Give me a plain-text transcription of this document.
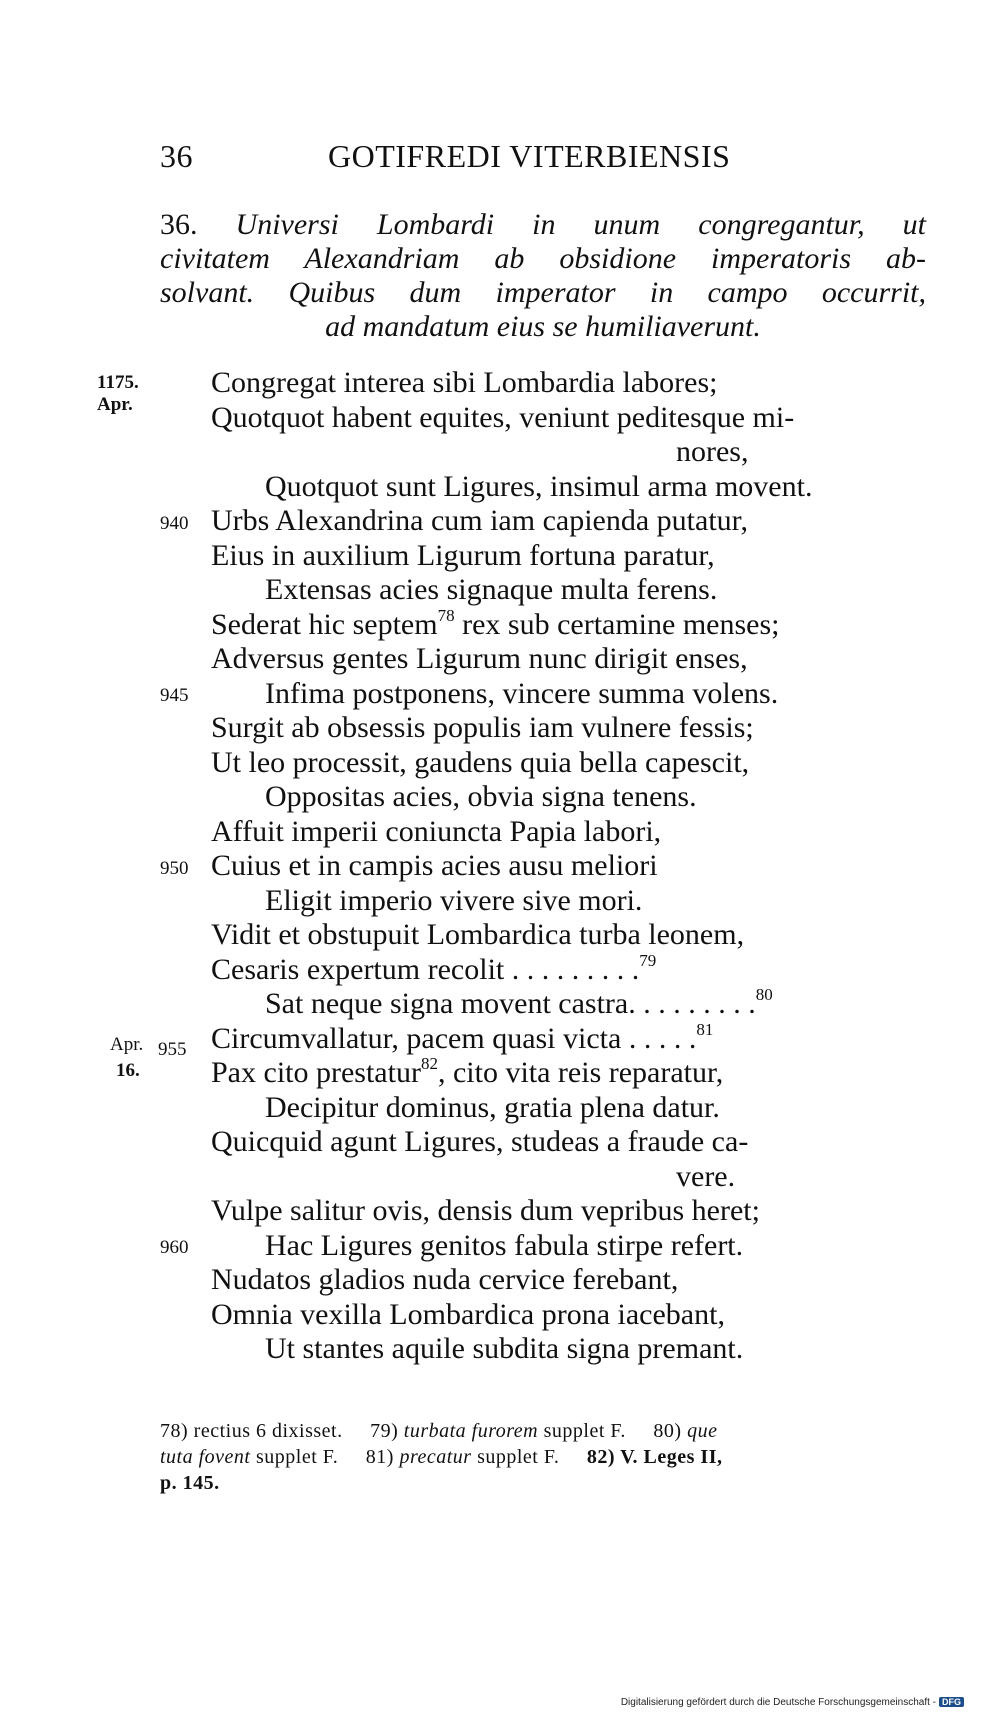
36	GOTIFREDI VITERBIENSIS

36. Universi Lombardi in unum congregantur, ut

civitatem Alexandriam ab obsidione imperatoris ab-

solvant. Quibus dum imperator in campo occurrit,

ad mandatum eius se humiliaverunt.

1175.
Apr.
Apr.
16.
Congregat interea sibi Lombardia labores;
Quotquot habent equites, veniunt peditesque mi-
nores,
Quotquot sunt Ligures, insimul arma movent.
940 Urbs Alexandrina cum iam capienda putatur,
Eius in auxilium Ligurum fortuna paratur,
Extensas acies signaque multa ferens.
Sederat hic septem$^{78}$ rex sub certamine menses;
Adversus gentes Ligurum nunc dirigit enses,
945	Infima postponens, vincere summa volens.
Surgit ab obsessis populis iam vulnere fessis;
Ut leo processit, gaudens quia bella capescit,
Oppositas acies, obvia signa tenens.
Affuit imperii coniuncta Papia labori,
950 Cuius et in campis acies ausu meliori
Eligit imperio vivere sive mori.
Vidit et obstupuit Lombardica turba leonem,
Cesaris expertum recolit . . . . . . . . .$^{79}$
Sat neque signa movent castra. . . . . . . . .$^{80}$
955 Circumvallatur, pacem quasi victa . . . . .$^{81}$
Pax cito prestatur$^{82}$, cito vita reis reparatur,
Decipitur dominus, gratia plena datur.
Quicquid agunt Ligures, studeas a fraude ca-
vere.
Vulpe salitur ovis, densis dum vepribus heret;
960	Hac Ligures genitos fabula stirpe refert.
Nudatos gladios nuda cervice ferebant,
Omnia vexilla Lombardica prona iacebant,
Ut stantes aquile subdita signa premant.

78) rectius 6 dixisset. 79) turbata furorem supplet F. 80) que

tuta fovent supplet F. 81) precatur supplet F. 82) V. Leges II,

p. 145.

Digitalisierung gefördert durch die Deutsche Forschungsgemeinschaft - DFG
